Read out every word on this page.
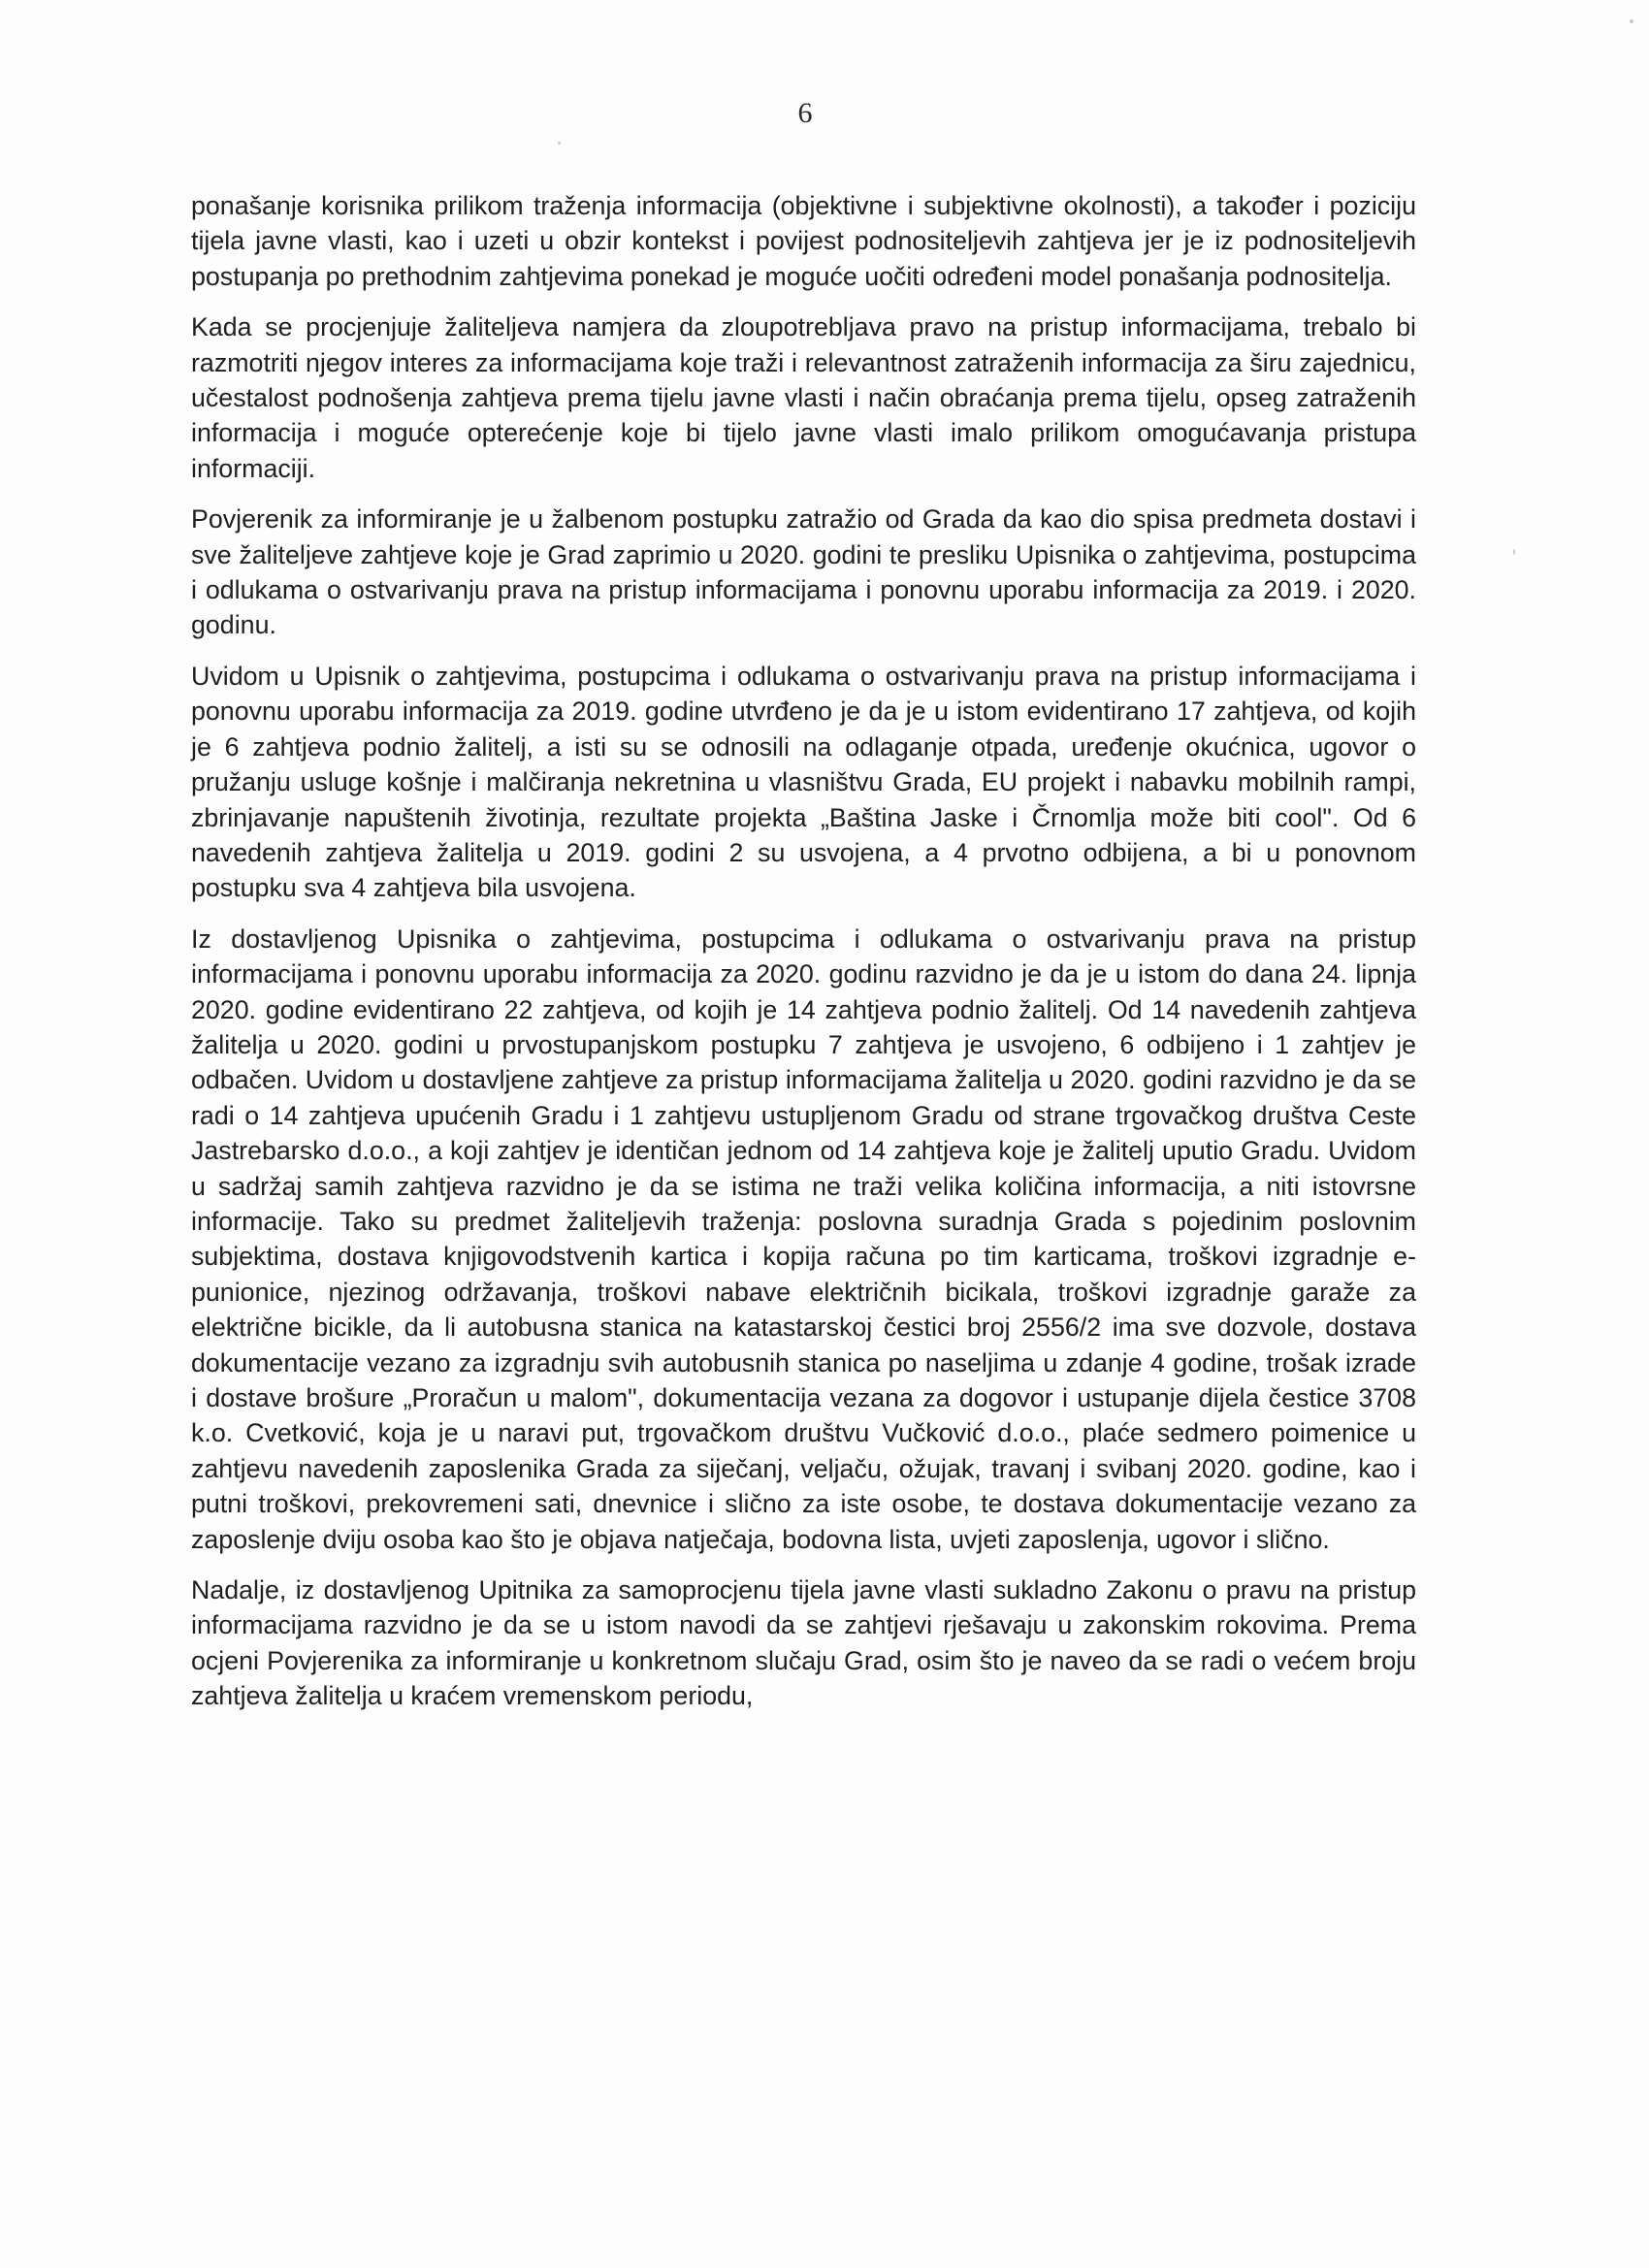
6

ponašanje korisnika prilikom traženja informacija (objektivne i subjektivne okolnosti), a također i poziciju tijela javne vlasti, kao i uzeti u obzir kontekst i povijest podnositeljevih zahtjeva jer je iz podnositeljevih postupanja po prethodnim zahtjevima ponekad je moguće uočiti određeni model ponašanja podnositelja.

Kada se procjenjuje žaliteljeva namjera da zloupotrebljava pravo na pristup informacijama, trebalo bi razmotriti njegov interes za informacijama koje traži i relevantnost zatraženih informacija za širu zajednicu, učestalost podnošenja zahtjeva prema tijelu javne vlasti i način obraćanja prema tijelu, opseg zatraženih informacija i moguće opterećenje koje bi tijelo javne vlasti imalo prilikom omogućavanja pristupa informaciji.

Povjerenik za informiranje je u žalbenom postupku zatražio od Grada da kao dio spisa predmeta dostavi i sve žaliteljeve zahtjeve koje je Grad zaprimio u 2020. godini te presliku Upisnika o zahtjevima, postupcima i odlukama o ostvarivanju prava na pristup informacijama i ponovnu uporabu informacija za 2019. i 2020. godinu.

Uvidom u Upisnik o zahtjevima, postupcima i odlukama o ostvarivanju prava na pristup informacijama i ponovnu uporabu informacija za 2019. godine utvrđeno je da je u istom evidentirano 17 zahtjeva, od kojih je 6 zahtjeva podnio žalitelj, a isti su se odnosili na odlaganje otpada, uređenje okućnica, ugovor o pružanju usluge košnje i malčiranja nekretnina u vlasništvu Grada, EU projekt i nabavku mobilnih rampi, zbrinjavanje napuštenih životinja, rezultate projekta „Baština Jaske i Črnomlja može biti cool". Od 6 navedenih zahtjeva žalitelja u 2019. godini 2 su usvojena, a 4 prvotno odbijena, a bi u ponovnom postupku sva 4 zahtjeva bila usvojena.

Iz dostavljenog Upisnika o zahtjevima, postupcima i odlukama o ostvarivanju prava na pristup informacijama i ponovnu uporabu informacija za 2020. godinu razvidno je da je u istom do dana 24. lipnja 2020. godine evidentirano 22 zahtjeva, od kojih je 14 zahtjeva podnio žalitelj. Od 14 navedenih zahtjeva žalitelja u 2020. godini u prvostupanjskom postupku 7 zahtjeva je usvojeno, 6 odbijeno i 1 zahtjev je odbačen. Uvidom u dostavljene zahtjeve za pristup informacijama žalitelja u 2020. godini razvidno je da se radi o 14 zahtjeva upućenih Gradu i 1 zahtjevu ustupljenom Gradu od strane trgovačkog društva Ceste Jastrebarsko d.o.o., a koji zahtjev je identičan jednom od 14 zahtjeva koje je žalitelj uputio Gradu. Uvidom u sadržaj samih zahtjeva razvidno je da se istima ne traži velika količina informacija, a niti istovrsne informacije. Tako su predmet žaliteljevih traženja: poslovna suradnja Grada s pojedinim poslovnim subjektima, dostava knjigovodstvenih kartica i kopija računa po tim karticama, troškovi izgradnje e-punionice, njezinog održavanja, troškovi nabave električnih bicikala, troškovi izgradnje garaže za električne bicikle, da li autobusna stanica na katastarskoj čestici broj 2556/2 ima sve dozvole, dostava dokumentacije vezano za izgradnju svih autobusnih stanica po naseljima u zdanje 4 godine, trošak izrade i dostave brošure „Proračun u malom", dokumentacija vezana za dogovor i ustupanje dijela čestice 3708 k.o. Cvetković, koja je u naravi put, trgovačkom društvu Vučković d.o.o., plaće sedmero poimenice u zahtjevu navedenih zaposlenika Grada za siječanj, veljaču, ožujak, travanj i svibanj 2020. godine, kao i putni troškovi, prekovremeni sati, dnevnice i slično za iste osobe, te dostava dokumentacije vezano za zaposlenje dviju osoba kao što je objava natječaja, bodovna lista, uvjeti zaposlenja, ugovor i slično.

Nadalje, iz dostavljenog Upitnika za samoprocjenu tijela javne vlasti sukladno Zakonu o pravu na pristup informacijama razvidno je da se u istom navodi da se zahtjevi rješavaju u zakonskim rokovima. Prema ocjeni Povjerenika za informiranje u konkretnom slučaju Grad, osim što je naveo da se radi o većem broju zahtjeva žalitelja u kraćem vremenskom periodu,
